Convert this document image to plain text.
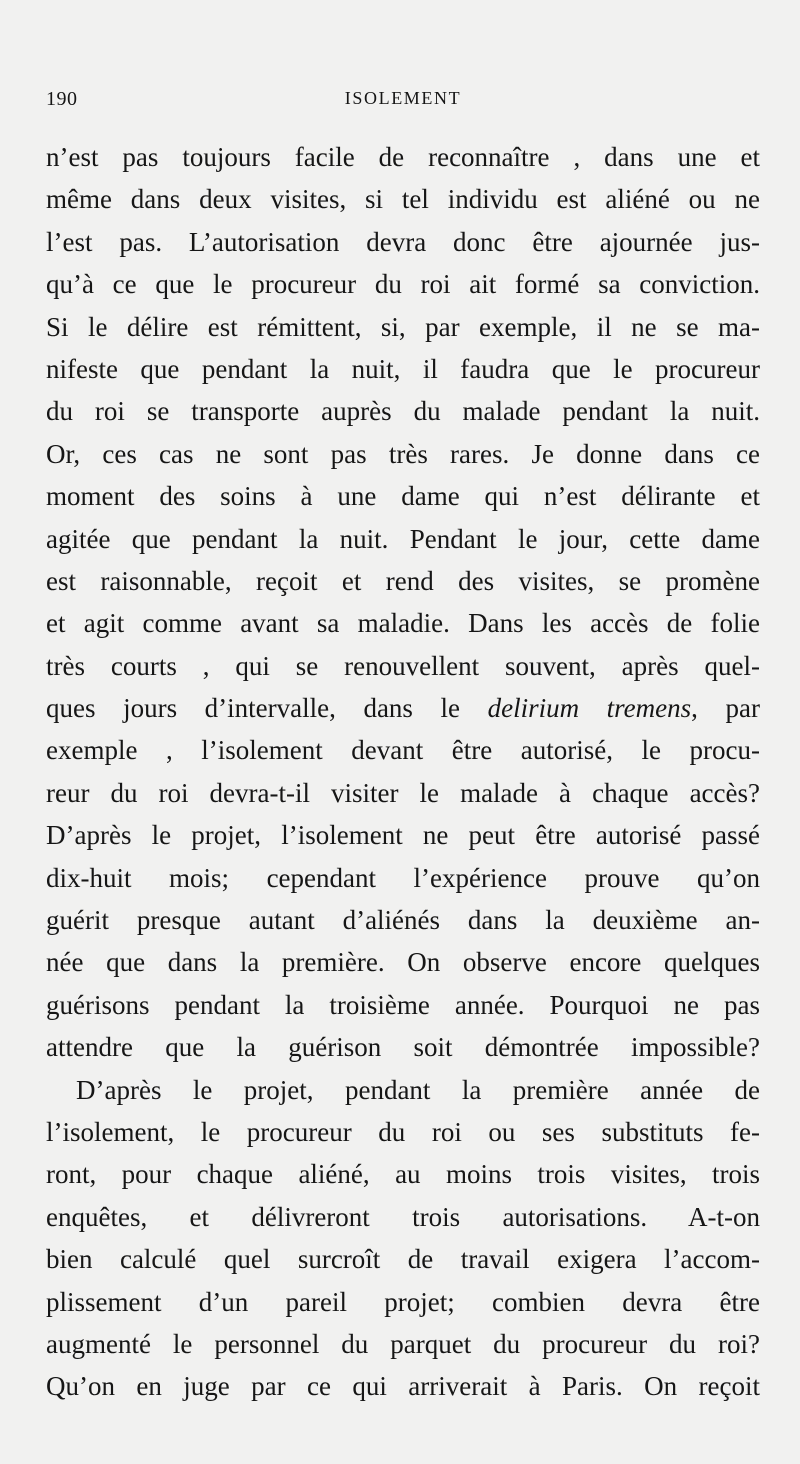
190	ISOLEMENT
n’est pas toujours facile de reconnaître , dans une et
même dans deux visites, si tel individu est aliéné ou ne
l’est pas. L’autorisation devra donc être ajournée jus-
qu’à ce que le procureur du roi ait formé sa conviction.
Si le délire est rémittent, si, par exemple, il ne se ma-
nifeste que pendant la nuit, il faudra que le procureur
du roi se transporte auprès du malade pendant la nuit.
Or, ces cas ne sont pas très rares. Je donne dans ce
moment des soins à une dame qui n’est délirante et
agitée que pendant la nuit. Pendant le jour, cette dame
est raisonnable, reçoit et rend des visites, se promène
et agit comme avant sa maladie. Dans les accès de folie
très courts , qui se renouvellent souvent, après quel-
ques jours d’intervalle, dans le delirium tremens, par
exemple , l’isolement devant être autorisé, le procu-
reur du roi devra-t-il visiter le malade à chaque accès?
D’après le projet, l’isolement ne peut être autorisé passé
dix-huit mois; cependant l’expérience prouve qu’on
guérit presque autant d’aliénés dans la deuxième an-
née que dans la première. On observe encore quelques
guérisons pendant la troisième année. Pourquoi ne pas
attendre que la guérison soit démontrée impossible?
D’après le projet, pendant la première année de
l’isolement, le procureur du roi ou ses substituts fe-
ront, pour chaque aliéné, au moins trois visites, trois
enquêtes, et délivreront trois autorisations. A-t-on
bien calculé quel surcroît de travail exigera l’accom-
plissement d’un pareil projet; combien devra être
augmenté le personnel du parquet du procureur du roi?
Qu’on en juge par ce qui arriverait à Paris. On reçoit
